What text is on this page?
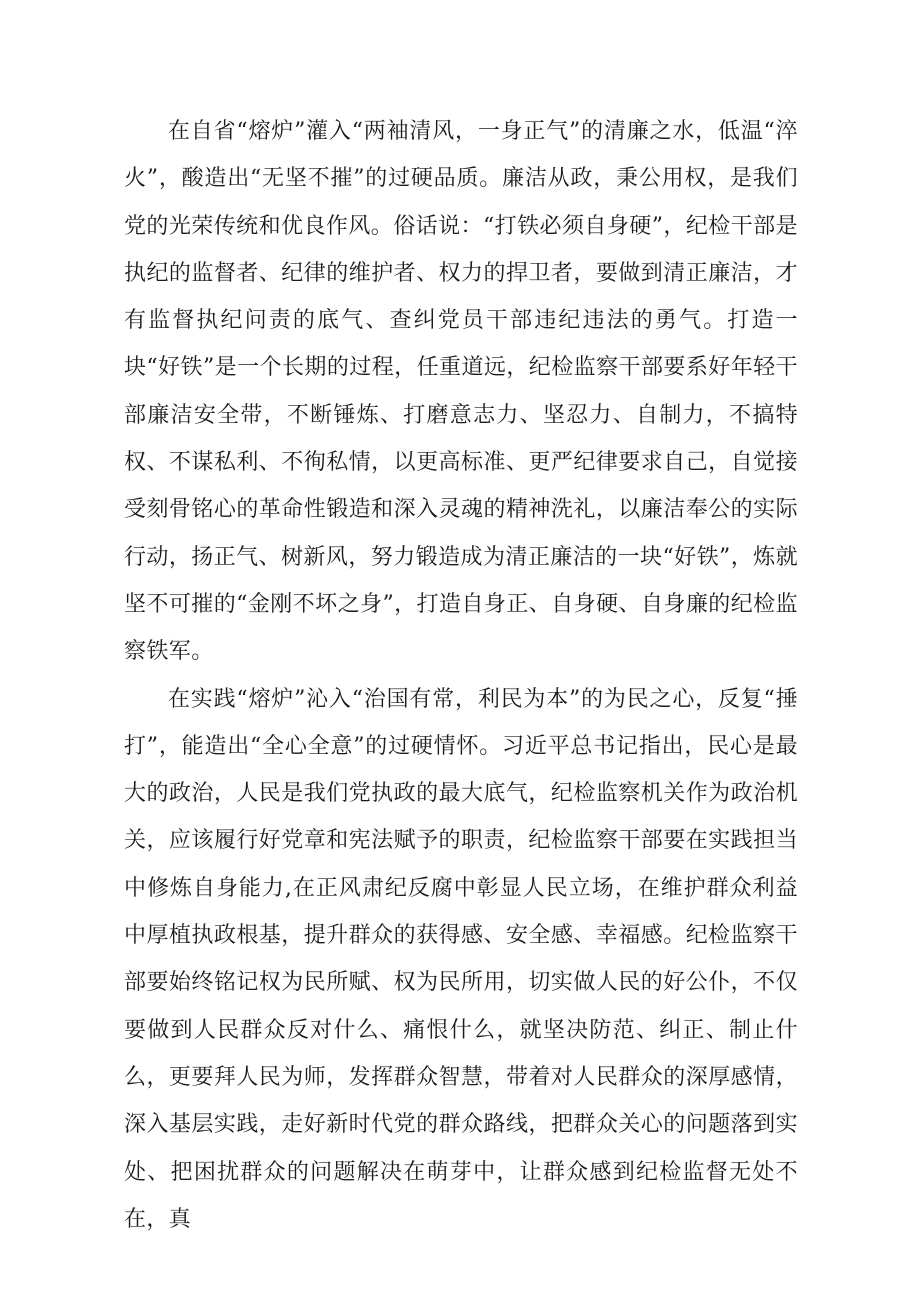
在自省“熔炉”灌入“两袖清风，一身正气”的清廉之水，低温“淬火”，酸造出“无坚不摧”的过硬品质。廉洁从政，秉公用权，是我们党的光荣传统和优良作风。俗话说：“打铁必须自身硬”，纪检干部是执纪的监督者、纪律的维护者、权力的捍卫者，要做到清正廉洁，才有监督执纪问责的底气、查纠党员干部违纪违法的勇气。打造一块“好铁”是一个长期的过程，任重道远，纪检监察干部要系好年轻干部廉洁安全带，不断锤炼、打磨意志力、坚忍力、自制力，不搞特权、不谋私利、不徇私情，以更高标准、更严纪律要求自己，自觉接受刻骨铭心的革命性锻造和深入灵魂的精神洗礼，以廉洁奉公的实际行动，扬正气、树新风，努力锻造成为清正廉洁的一块“好铁”，炼就坚不可摧的“金刚不坏之身”，打造自身正、自身硬、自身廉的纪检监察铁军。

在实践“熔炉”沁入“治国有常，利民为本”的为民之心，反复“捶打”，能造出“全心全意”的过硬情怀。习近平总书记指出，民心是最大的政治，人民是我们党执政的最大底气，纪检监察机关作为政治机关，应该履行好党章和宪法赋予的职责，纪检监察干部要在实践担当中修炼自身能力,在正风肃纪反腐中彰显人民立场，在维护群众利益中厚植执政根基，提升群众的获得感、安全感、幸福感。纪检监察干部要始终铭记权为民所赋、权为民所用，切实做人民的好公仆，不仅要做到人民群众反对什么、痛恨什么，就坚决防范、纠正、制止什么，更要拜人民为师，发挥群众智慧，带着对人民群众的深厚感情，深入基层实践，走好新时代党的群众路线，把群众关心的问题落到实处、把困扰群众的问题解决在萌芽中，让群众感到纪检监督无处不在，真
